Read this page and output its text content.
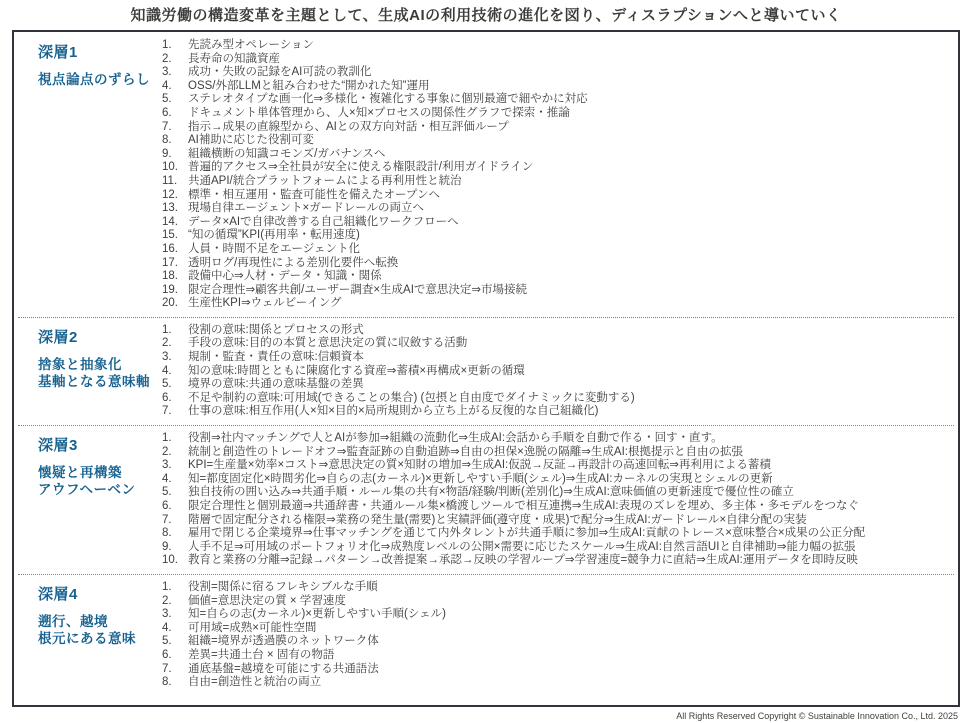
知識労働の構造変革を主題として、生成AIの利用技術の進化を図り、ディスラプションへと導いていく
深層1
視点論点のずらし
1.	先読み型オペレーション
2.	長寿命の知識資産
3.	成功・失敗の記録をAI可読の教訓化
4.	OSS/外部LLMと組み合わせた“開かれた知”運用
5.	ステレオタイプな画一化⇒多様化・複雑化する事象に個別最適で細やかに対応
6.	ドキュメント単体管理から、人×知×プロセスの関係性グラフで探索・推論
7.	指示→成果の直線型から、AIとの双方向対話・相互評価ループ
8.	AI補助に応じた役割可変
9.	組織横断の知識コモンズ/ガバナンスへ
10. 普遍的アクセス⇒全社員が安全に使える権限設計/利用ガイドライン
11. 共通API/統合プラットフォームによる再利用性と統治
12. 標準・相互運用・監査可能性を備えたオープンへ
13. 現場自律エージェント×ガードレールの両立へ
14. データ×AIで自律改善する自己組織化ワークフローへ
15. “知の循環”KPI(再用率・転用速度)
16. 人員・時間不足をエージェント化
17. 透明ログ/再現性による差別化要件へ転換
18. 設備中心⇒人材・データ・知識・関係
19. 限定合理性⇒顧客共創/ユーザー調査×生成AIで意思決定⇒市場接続
20. 生産性KPI⇒ウェルビーイング
深層2
捨象と抽象化
基軸となる意味軸
1.	役割の意味:関係とプロセスの形式
2.	手段の意味:目的の本質と意思決定の質に収斂する活動
3.	規制・監査・責任の意味:信頼資本
4.	知の意味:時間とともに陳腐化する資産⇒蓄積×再構成×更新の循環
5.	境界の意味:共通の意味基盤の差異
6.	不足や制約の意味:可用域(できることの集合) (包摂と自由度でダイナミックに変動する)
7.	仕事の意味:相互作用(人×知×目的×局所規則から立ち上がる反復的な自己組織化)
深層3
懐疑と再構築
アウフヘーベン
1.	役割⇒社内マッチングで人とAIが参加⇒組織の流動化⇒生成AI:会話から手順を自動で作る・回す・直す。
2.	統制と創造性のトレードオフ⇒監査証跡の自動追跡⇒自由の担保×逸脱の隔離⇒生成AI:根拠提示と自由の拡張
3.	KPI=生産量×効率×コスト⇒意思決定の質×知財の増加⇒生成AI:仮説→反証→再設計の高速回転⇒再利用による蓄積
4.	知=都度固定化×時間劣化⇒自らの志(カーネル)×更新しやすい手順(シェル)⇒生成AI:カーネルの実現とシェルの更新
5.	独自技術の囲い込み⇒共通手順・ルール集の共有×物語/経験/判断(差別化)⇒生成AI:意味価値の更新速度で優位性の確立
6.	限定合理性と個別最適⇒共通辞書・共通ルール集×橋渡しツールで相互連携⇒生成AI:表現のズレを埋め、多主体・多モデルをつなぐ
7.	階層で固定配分される権限⇒業務の発生量(需要)と実績評価(遵守度・成果)で配分⇒生成AI:ガードレール×自律分配の実装
8.	雇用で閉じる企業境界⇒仕事マッチングを通じて内外タレントが共通手順に参加⇒生成AI:貢献のトレース×意味整合×成果の公正分配
9.	人手不足⇒可用域のポートフォリオ化⇒成熟度レベルの公開×需要に応じたスケール⇒生成AI:自然言語UIと自律補助⇒能力幅の拡張
10. 教育と業務の分離⇒記録→パターン→改善提案→承認→反映の学習ループ⇒学習速度=競争力に直結⇒生成AI:運用データを即時反映
深層4
遡行、越境
根元にある意味
1.	役割=関係に宿るフレキシブルな手順
2.	価値=意思決定の質 × 学習速度
3.	知=自らの志(カーネル)×更新しやすい手順(シェル)
4.	可用域=成熟×可能性空間
5.	組織=境界が透過膜のネットワーク体
6.	差異=共通土台 × 固有の物語
7.	通底基盤=越境を可能にする共通語法
8.	自由=創造性と統治の両立
All Rights Reserved Copyright © Sustainable Innovation Co., Ltd. 2025
